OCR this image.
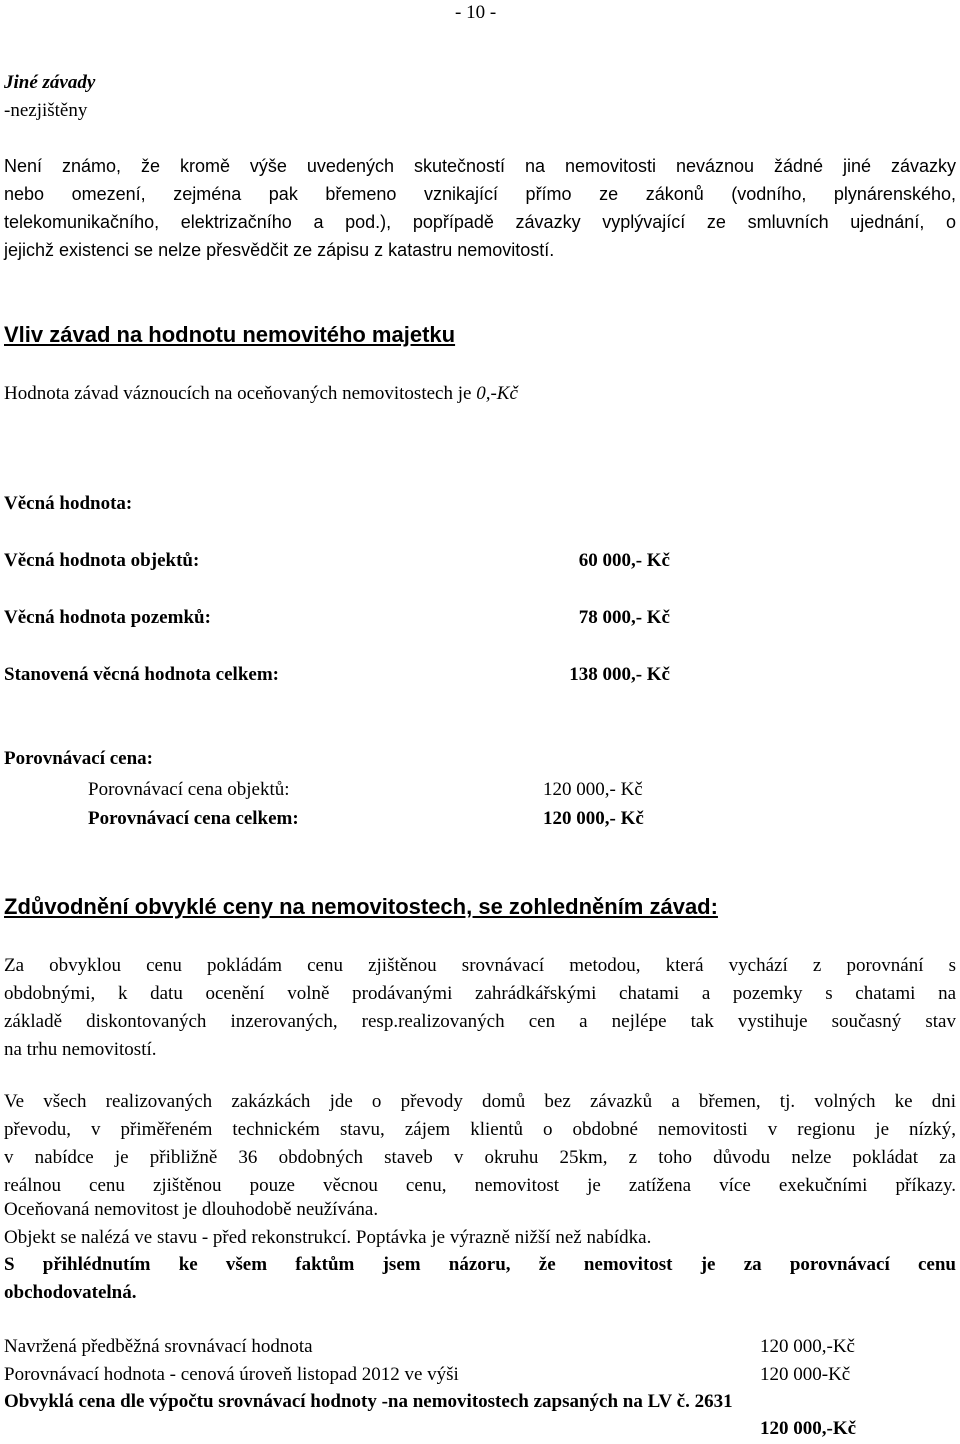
- 10 -
Jiné závady
-nezjištěny
Není známo, že kromě výše uvedených skutečností na nemovitosti neváznou žádné jiné závazky
nebo omezení, zejména pak břemeno vznikající přímo ze zákonů (vodního, plynárenského,
telekomunikačního, elektrizačního a pod.), popřípadě závazky vyplývající ze smluvních ujednání, o
jejichž existenci se nelze přesvědčit ze zápisu z katastru nemovitostí.
Vliv závad na hodnotu nemovitého majetku
Hodnota závad váznoucích na oceňovaných nemovitostech je 0,-Kč
Věcná hodnota:
Věcná hodnota objektů:	60 000,- Kč
Věcná hodnota pozemků:	78 000,- Kč
Stanovená věcná hodnota celkem:	138 000,- Kč
Porovnávací cena:
Porovnávací cena objektů:	120 000,- Kč
Porovnávací cena celkem:	120 000,- Kč
Zdůvodnění obvyklé ceny na nemovitostech, se zohledněním závad:
Za obvyklou cenu pokládám cenu zjištěnou srovnávací metodou, která vychází z porovnání s
obdobnými, k datu ocenění volně prodávanými zahrádkářskými chatami a pozemky s chatami na
základě diskontovaných inzerovaných, resp.realizovaných cen a nejlépe tak vystihuje současný stav
na trhu nemovitostí.
Ve všech realizovaných zakázkách jde o převody domů bez závazků a břemen, tj. volných ke dni
převodu, v přiměřeném technickém stavu, zájem klientů o obdobné nemovitosti v regionu je nízký,
v nabídce je přibližně 36 obdobných staveb v okruhu 25km, z toho důvodu nelze pokládat za
reálnou cenu zjištěnou pouze věcnou cenu, nemovitost je zatížena více exekučními příkazy.
Oceňovaná nemovitost je dlouhodobě neužívána.
Objekt se nalézá ve stavu - před rekonstrukcí. Poptávka je výrazně nižší než nabídka.
S přihlédnutím ke všem faktům jsem názoru, že nemovitost je za porovnávací cenu
obchodovatelná.
Navržená předběžná srovnávací hodnota	120 000,-Kč
Porovnávací hodnota - cenová úroveň listopad 2012 ve výši	120 000-Kč
Obvyklá cena dle výpočtu srovnávací hodnoty -na nemovitostech zapsaných na LV č. 2631
120 000,-Kč
